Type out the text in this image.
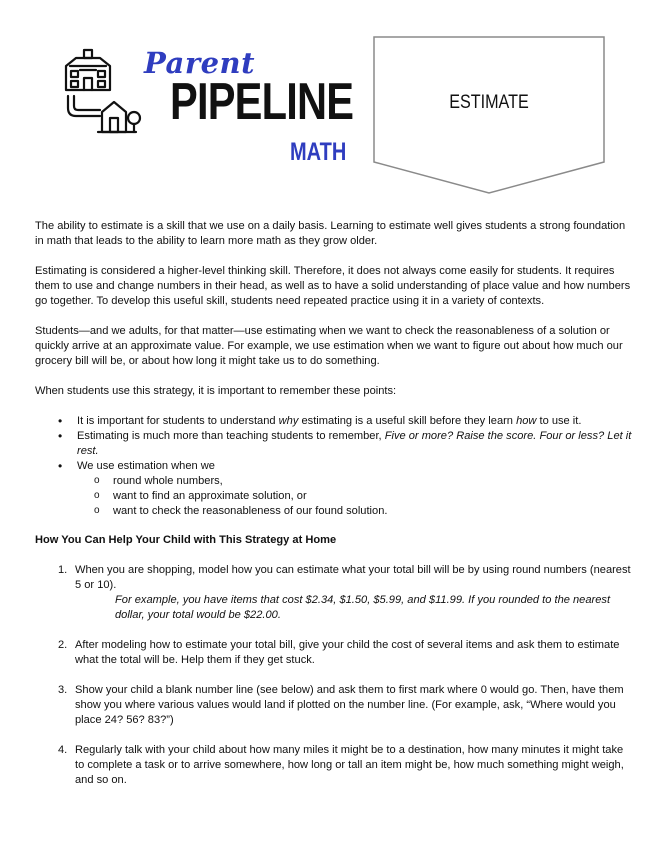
Parent
PIPELINE
MATH
ESTIMATE

The ability to estimate is a skill that we use on a daily basis. Learning to estimate well gives students a strong foundation in math that leads to the ability to learn more math as they grow older.

Estimating is considered a higher-level thinking skill. Therefore, it does not always come easily for students. It requires them to use and change numbers in their head, as well as to have a solid understanding of place value and how numbers go together. To develop this useful skill, students need repeated practice using it in a variety of contexts.

Students—and we adults, for that matter—use estimating when we want to check the reasonableness of a solution or quickly arrive at an approximate value. For example, we use estimation when we want to figure out about how much our grocery bill will be, or about how long it might take us to do something.

When students use this strategy, it is important to remember these points:

• It is important for students to understand why estimating is a useful skill before they learn how to use it.
• Estimating is much more than teaching students to remember, Five or more? Raise the score. Four or less? Let it rest.
• We use estimation when we
o round whole numbers,
o want to find an approximate solution, or
o want to check the reasonableness of our found solution.
How You Can Help Your Child with This Strategy at Home
1. When you are shopping, model how you can estimate what your total bill will be by using round numbers (nearest 5 or 10).
For example, you have items that cost $2.34, $1.50, $5.99, and $11.99. If you rounded to the nearest dollar, your total would be $22.00.
2. After modeling how to estimate your total bill, give your child the cost of several items and ask them to estimate what the total will be. Help them if they get stuck.
3. Show your child a blank number line (see below) and ask them to first mark where 0 would go. Then, have them show you where various values would land if plotted on the number line. (For example, ask, “Where would you place 24? 56? 83?”)
4. Regularly talk with your child about how many miles it might be to a destination, how many minutes it might take to complete a task or to arrive somewhere, how long or tall an item might be, how much something might weigh, and so on.
